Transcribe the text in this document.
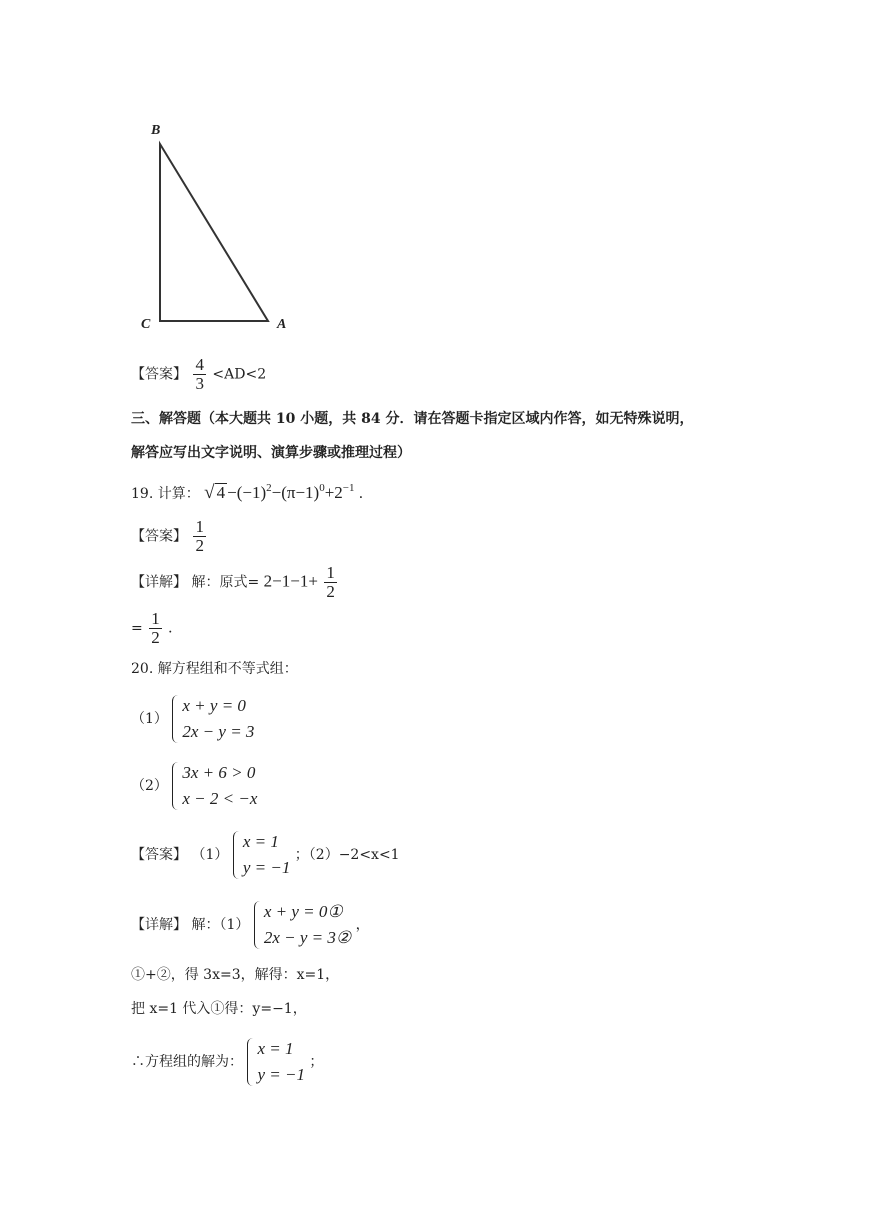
B
C	A
【答案】 $\frac{4}{3} <AD<2$
三、解答题（本大题共 10 小题，共 84 分．请在答题卡指定区域内作答，如无特殊说明，
解答应写出文字说明、演算步骤或推理过程）
19. 计算： √ $4 -(-1)^2-(\pi-1)^0+2^{-1}$ ．
【答案】 $\frac{1}{2}$
【详解】 解：原式= $2-1-1+ \frac{1}{2}$
= $\frac{1}{2}$ ．
20. 解方程组和不等式组：
（1）
x + y = 0
2x − y = 3
（2）
3x + 6 > 0
x − 2 < −x
【答案】 （1）
x = 1
y = −1
；（2）−2<x<1
【详解】 解：（1）
x + y = 0①
2x − y = 3②
，
①+②，得 3x=3，解得：x=1，
把 x=1 代入①得：y=−1，
∴方程组的解为：
x = 1
y = −1
；
